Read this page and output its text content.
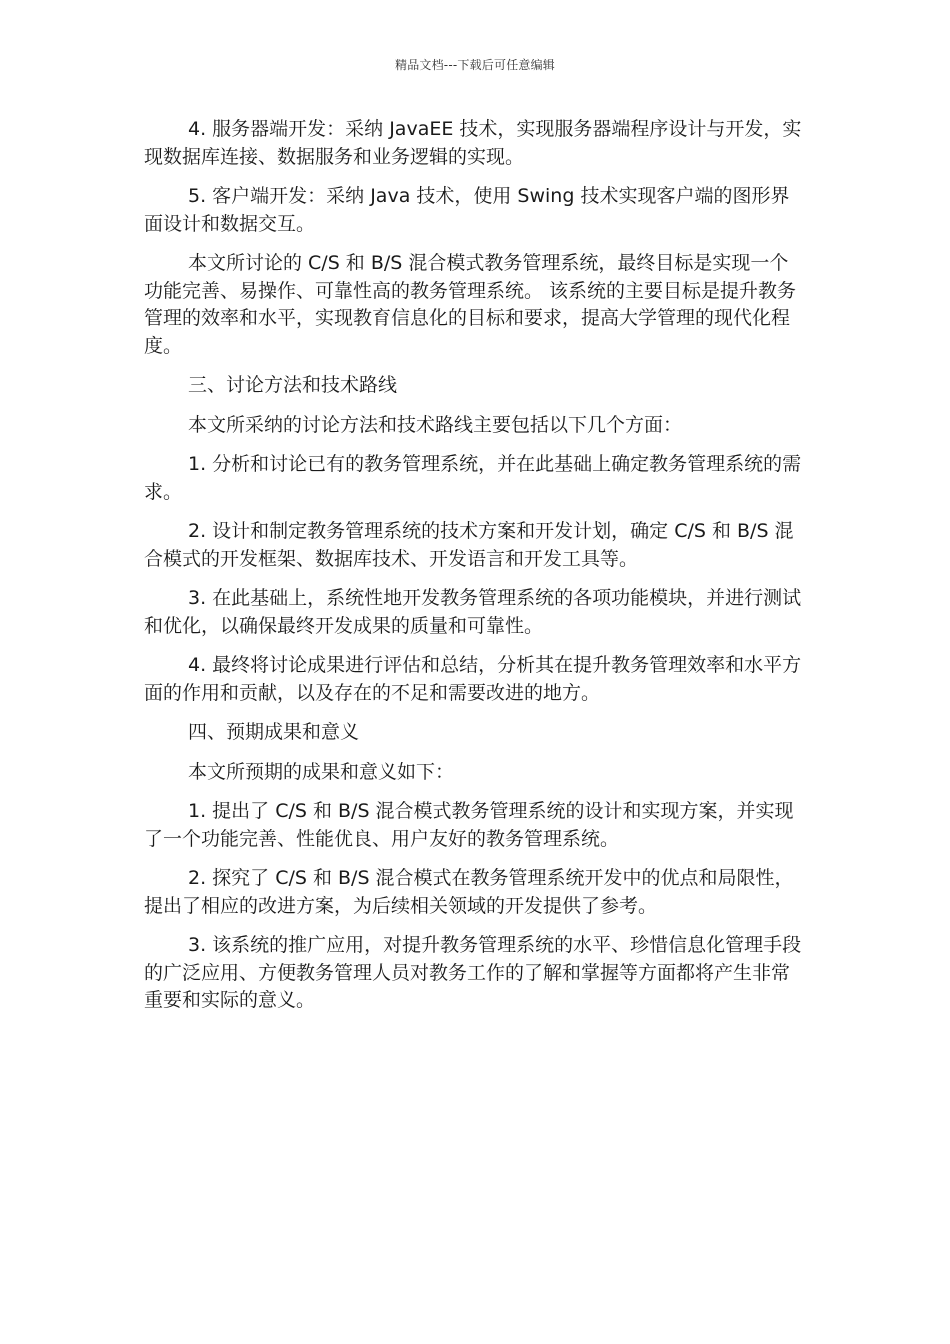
精品文档---下载后可任意编辑

4. 服务器端开发：采纳 JavaEE 技术，实现服务器端程序设计与开发，实现数据库连接、数据服务和业务逻辑的实现。

5. 客户端开发：采纳 Java 技术，使用 Swing 技术实现客户端的图形界面设计和数据交互。

本文所讨论的 C/S 和 B/S 混合模式教务管理系统，最终目标是实现一个功能完善、易操作、可靠性高的教务管理系统。 该系统的主要目标是提升教务管理的效率和水平，实现教育信息化的目标和要求，提高大学管理的现代化程度。

三、讨论方法和技术路线

本文所采纳的讨论方法和技术路线主要包括以下几个方面：

1. 分析和讨论已有的教务管理系统，并在此基础上确定教务管理系统的需求。

2. 设计和制定教务管理系统的技术方案和开发计划，确定 C/S 和 B/S 混合模式的开发框架、数据库技术、开发语言和开发工具等。

3. 在此基础上，系统性地开发教务管理系统的各项功能模块，并进行测试和优化，以确保最终开发成果的质量和可靠性。

4. 最终将讨论成果进行评估和总结，分析其在提升教务管理效率和水平方面的作用和贡献，以及存在的不足和需要改进的地方。

四、预期成果和意义

本文所预期的成果和意义如下：

1. 提出了 C/S 和 B/S 混合模式教务管理系统的设计和实现方案，并实现了一个功能完善、性能优良、用户友好的教务管理系统。

2. 探究了 C/S 和 B/S 混合模式在教务管理系统开发中的优点和局限性，提出了相应的改进方案，为后续相关领域的开发提供了参考。

3. 该系统的推广应用，对提升教务管理系统的水平、珍惜信息化管理手段的广泛应用、方便教务管理人员对教务工作的了解和掌握等方面都将产生非常重要和实际的意义。
